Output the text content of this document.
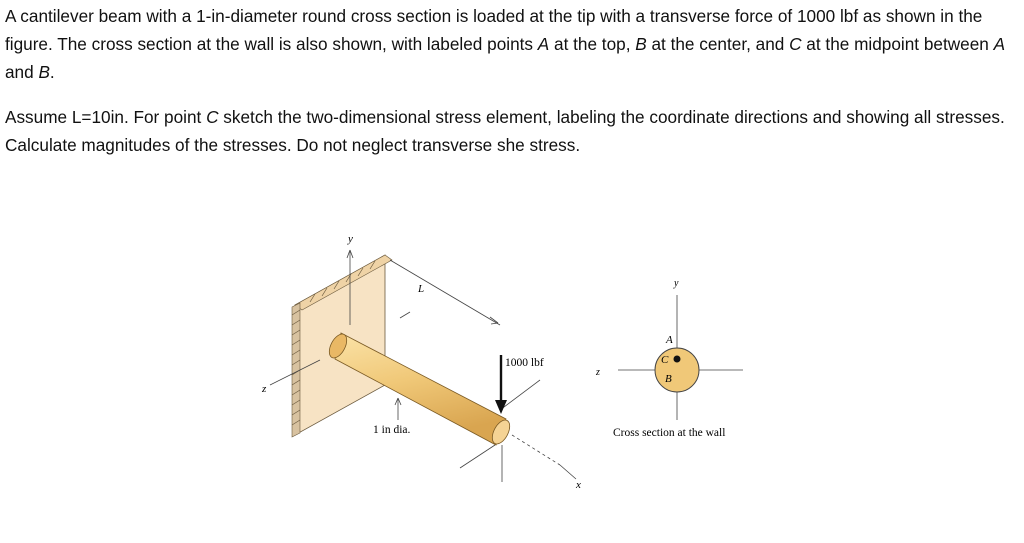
A cantilever beam with a 1-in-diameter round cross section is loaded at the tip with a transverse force of 1000 lbf as shown in the figure. The cross section at the wall is also shown, with labeled points A at the top, B at the center, and C at the midpoint between A and B.

Assume L=10in. For point C sketch the two-dimensional stress element, labeling the coordinate directions and showing all stresses. Calculate magnitudes of the stresses. Do not neglect transverse she stress.

L
y
z
x
1000 lbf
1 in dia.
y
z
A
C
B
Cross section at the wall
